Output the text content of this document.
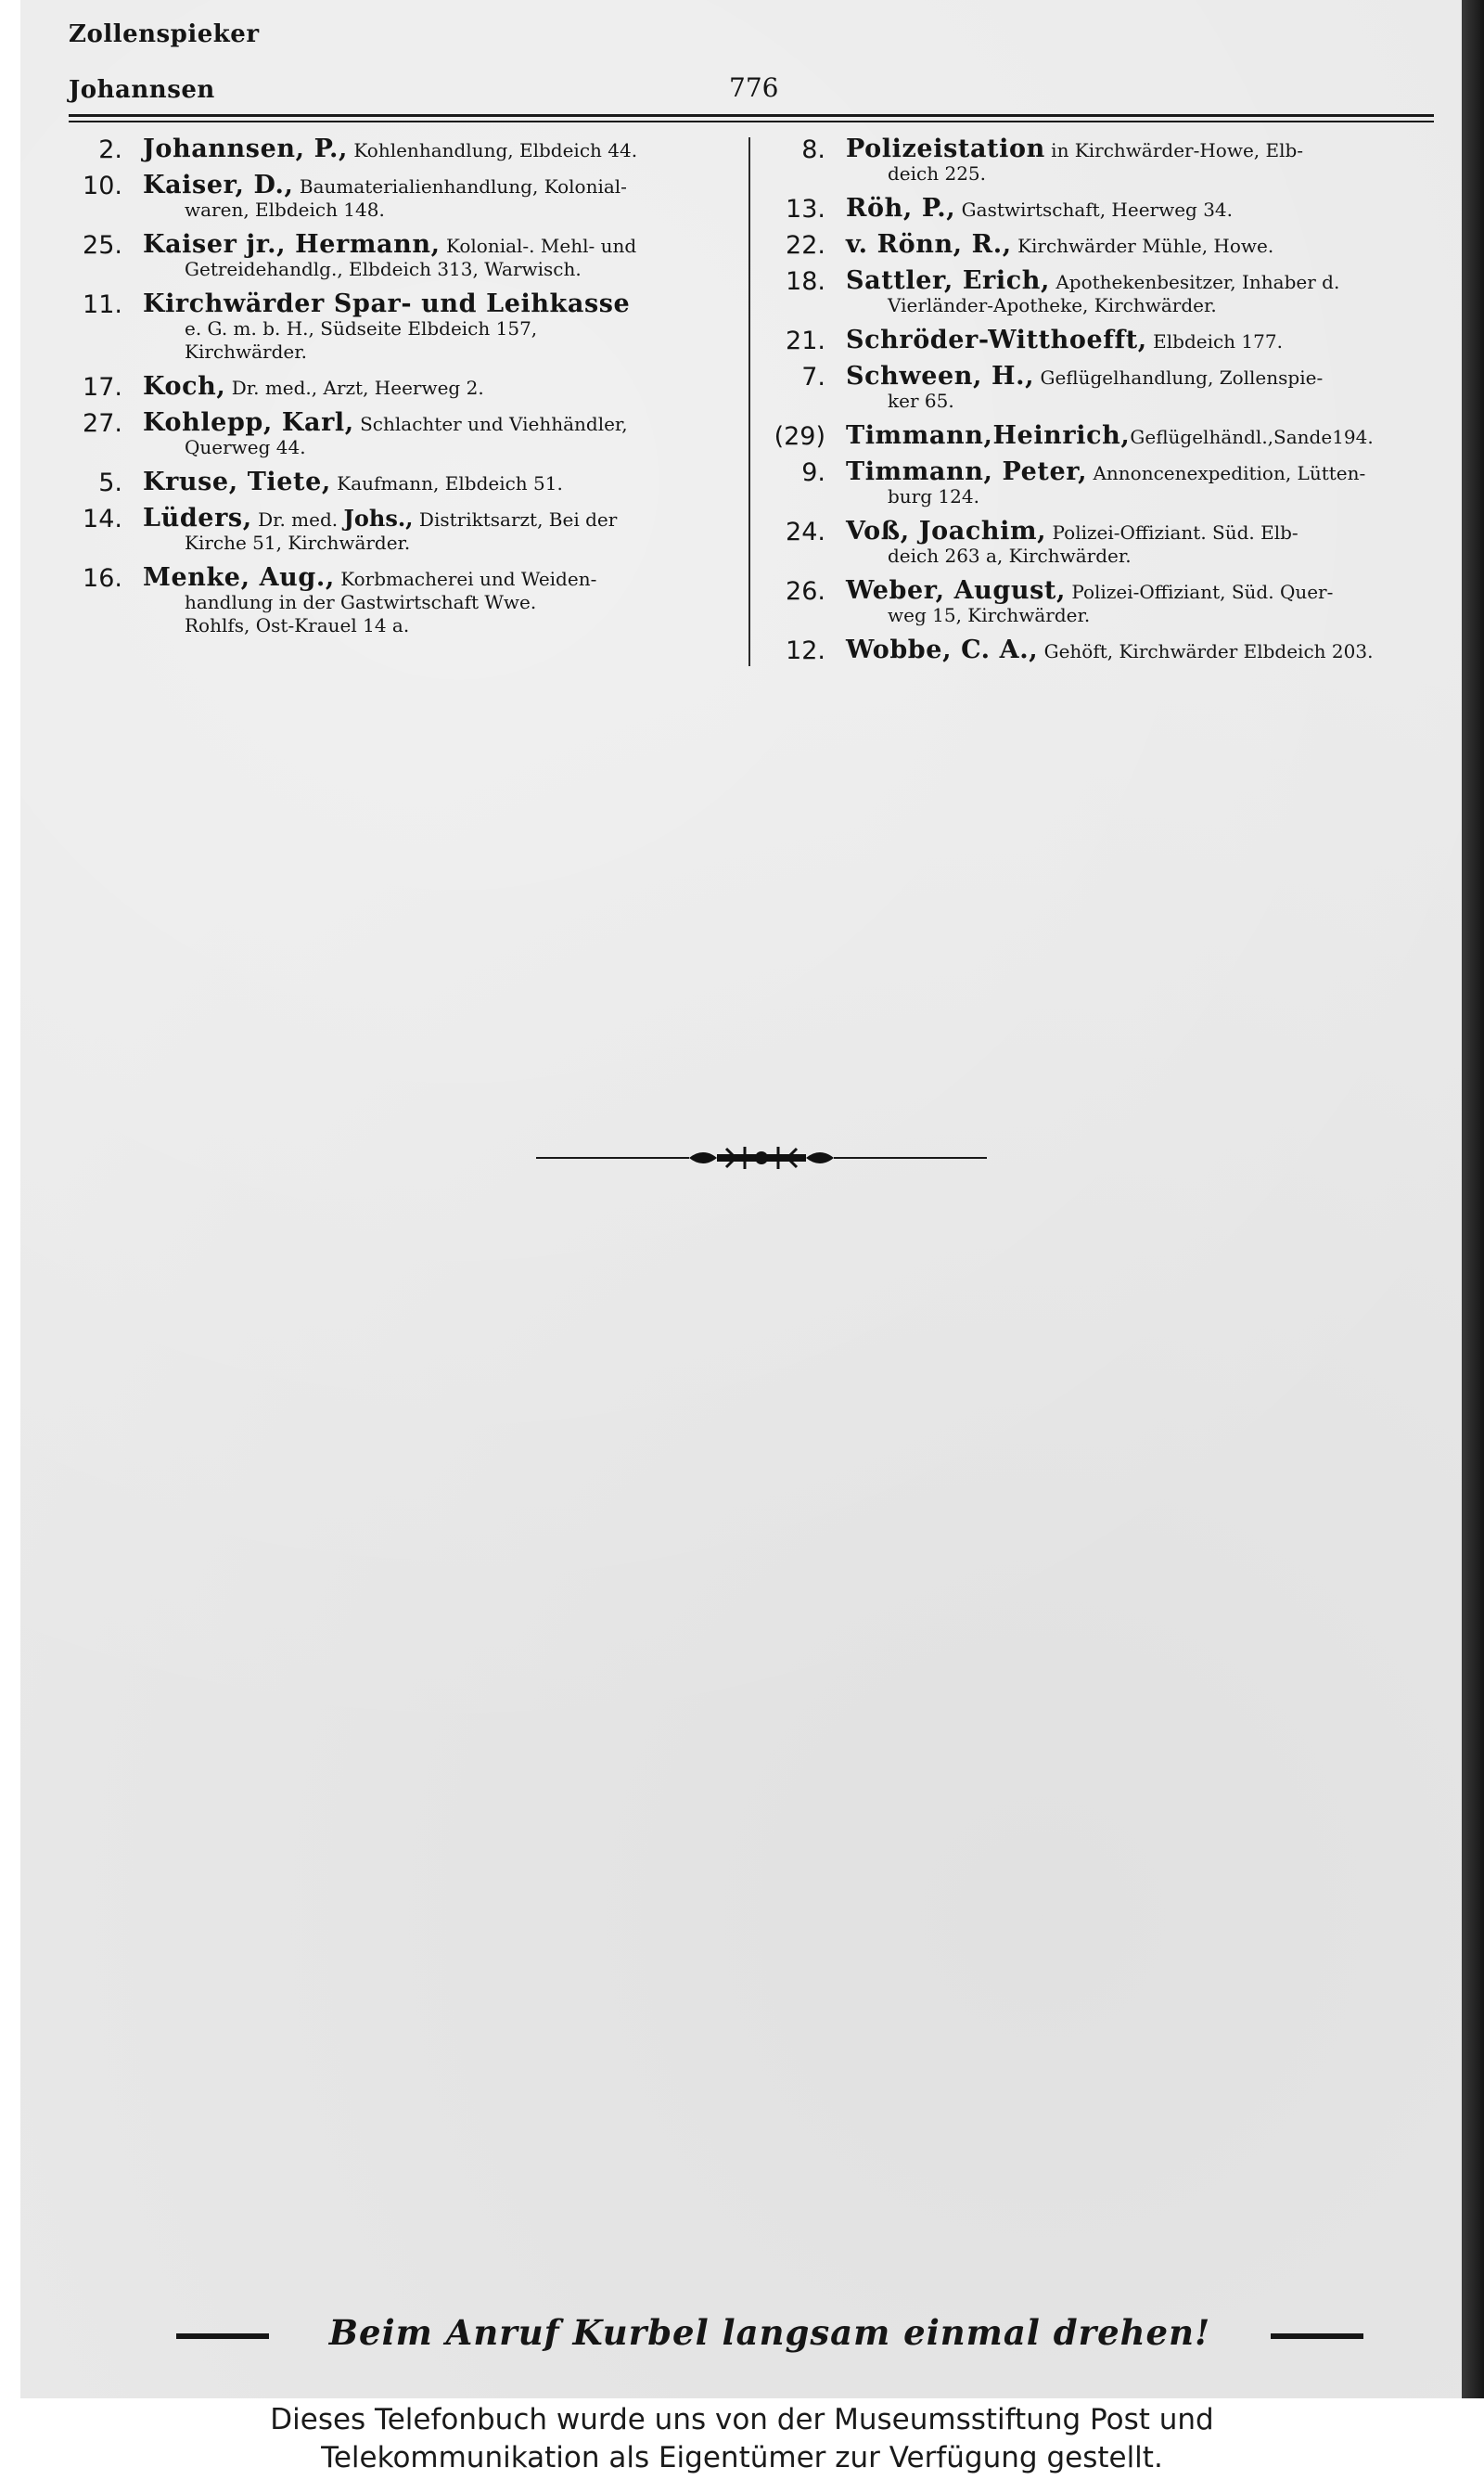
Zollenspieker
Johannsen	776
2. Johannsen, P., Kohlenhandlung, Elbdeich 44.
10. Kaiser, D., Baumaterialienhandlung, Kolonial-
waren, Elbdeich 148.
25. Kaiser jr., Hermann, Kolonial-. Mehl- und
Getreidehandlg., Elbdeich 313, Warwisch.
11. Kirchwärder Spar- und Leihkasse
e. G. m. b. H., Südseite Elbdeich 157,
Kirchwärder.
17. Koch, Dr. med., Arzt, Heerweg 2.
27. Kohlepp, Karl, Schlachter und Viehhändler,
Querweg 44.
5. Kruse, Tiete, Kaufmann, Elbdeich 51.
14. Lüders, Dr. med. Johs., Distriktsarzt, Bei der
Kirche 51, Kirchwärder.
16. Menke, Aug., Korbmacherei und Weiden-
handlung in der Gastwirtschaft Wwe.
Rohlfs, Ost-Krauel 14 a.
8. Polizeistation in Kirchwärder-Howe, Elb-
deich 225.
13. Röh, P., Gastwirtschaft, Heerweg 34.
22. v. Rönn, R., Kirchwärder Mühle, Howe.
18. Sattler, Erich, Apothekenbesitzer, Inhaber d.
Vierländer-Apotheke, Kirchwärder.
21. Schröder-Witthoefft, Elbdeich 177.
7. Schween, H., Geflügelhandlung, Zollenspie-
ker 65.
(29) Timmann,Heinrich,Geflügelhändl.,Sande194.
9. Timmann, Peter, Annoncenexpedition, Lütten-
burg 124.
24. Voß, Joachim, Polizei-Offiziant. Süd. Elb-
deich 263 a, Kirchwärder.
26. Weber, August, Polizei-Offiziant, Süd. Quer-
weg 15, Kirchwärder.
12. Wobbe, C. A., Gehöft, Kirchwärder Elbdeich 203.
Beim Anruf Kurbel langsam einmal drehen!
Dieses Telefonbuch wurde uns von der Museumsstiftung Post und
Telekommunikation als Eigentümer zur Verfügung gestellt.
